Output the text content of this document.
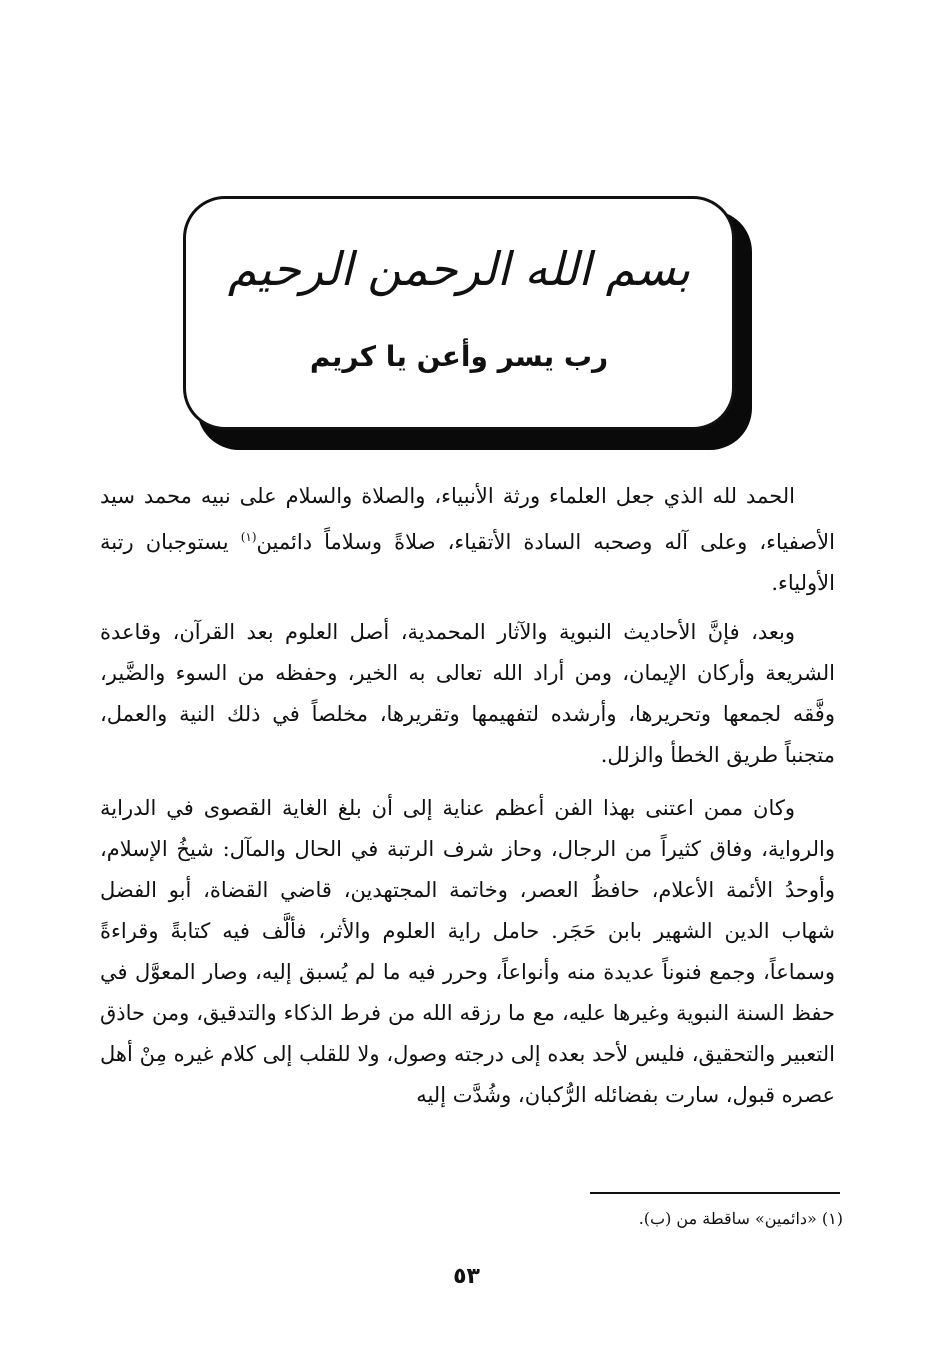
بسم الله الرحمن الرحيم
رب يسر وأعن يا كريم

الحمد لله الذي جعل العلماء ورثة الأنبياء، والصلاة والسلام على نبيه محمد سيد الأصفياء، وعلى آله وصحبه السادة الأتقياء، صلاةً وسلاماً دائمين$^{(١)}$ يستوجبان رتبة الأولياء.

وبعد، فإنَّ الأحاديث النبوية والآثار المحمدية، أصل العلوم بعد القرآن، وقاعدة الشريعة وأركان الإيمان، ومن أراد الله تعالى به الخير، وحفظه من السوء والضَّير، وفَّقه لجمعها وتحريرها، وأرشده لتفهيمها وتقريرها، مخلصاً في ذلك النية والعمل، متجنباً طريق الخطأ والزلل.

وكان ممن اعتنى بهذا الفن أعظم عناية إلى أن بلغ الغاية القصوى في الدراية والرواية، وفاق كثيراً من الرجال، وحاز شرف الرتبة في الحال والمآل: شيخُ الإسلام، وأوحدُ الأئمة الأعلام، حافظُ العصر، وخاتمة المجتهدين، قاضي القضاة، أبو الفضل شهاب الدين الشهير بابن حَجَر. حامل راية العلوم والأثر، فألَّف فيه كتابةً وقراءةً وسماعاً، وجمع فنوناً عديدة منه وأنواعاً، وحرر فيه ما لم يُسبق إليه، وصار المعوَّل في حفظ السنة النبوية وغيرها عليه، مع ما رزقه الله من فرط الذكاء والتدقيق، ومن حاذق التعبير والتحقيق، فليس لأحد بعده إلى درجته وصول، ولا للقلب إلى كلام غيره مِنْ أهل عصره قبول، سارت بفضائله الرُّكبان، وشُدَّت إليه

(١) «دائمين» ساقطة من (ب).
٥٣
